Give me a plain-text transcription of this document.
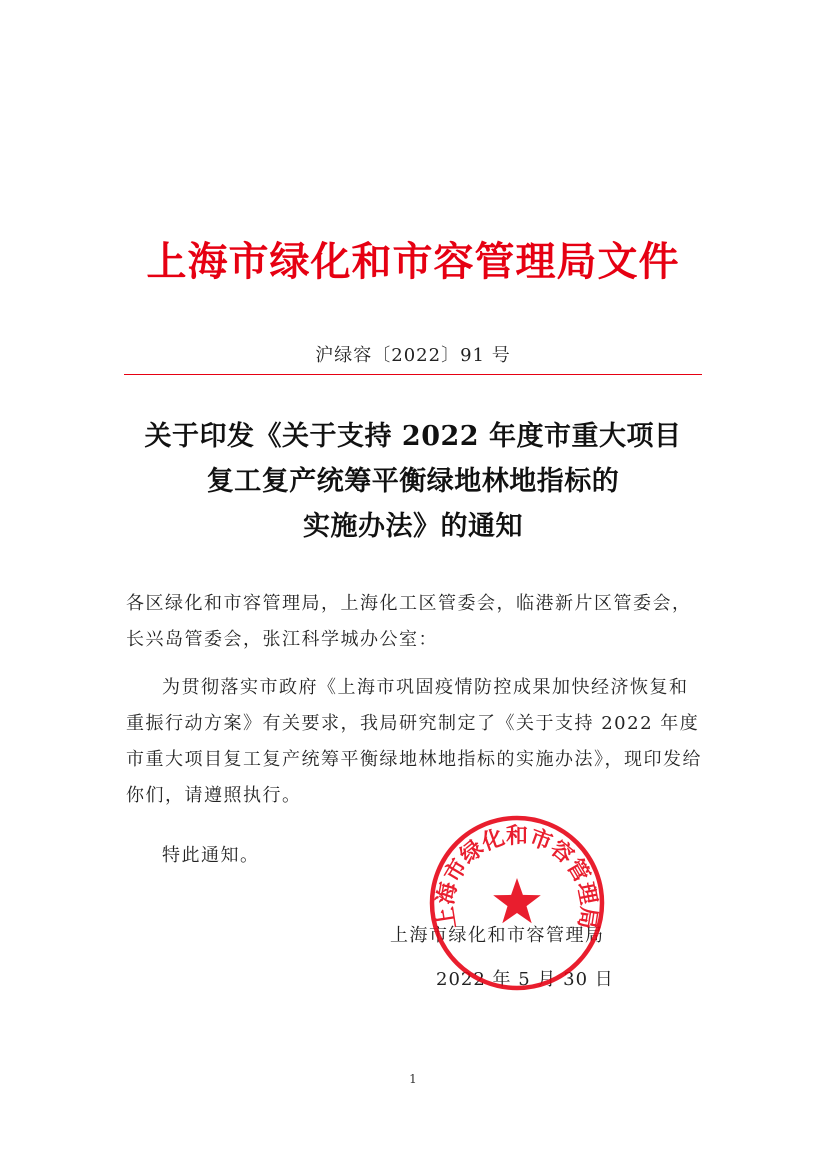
上海市绿化和市容管理局文件
沪绿容〔2022〕91 号
关于印发《关于支持 2022 年度市重大项目
复工复产统筹平衡绿地林地指标的
实施办法》的通知
各区绿化和市容管理局，上海化工区管委会，临港新片区管委会，长兴岛管委会，张江科学城办公室：
为贯彻落实市政府《上海市巩固疫情防控成果加快经济恢复和重振行动方案》有关要求，我局研究制定了《关于支持 2022 年度市重大项目复工复产统筹平衡绿地林地指标的实施办法》，现印发给你们，请遵照执行。
特此通知。
上海市绿化和市容管理局
2022 年 5 月 30 日
上海市绿化和市容管理局
1
